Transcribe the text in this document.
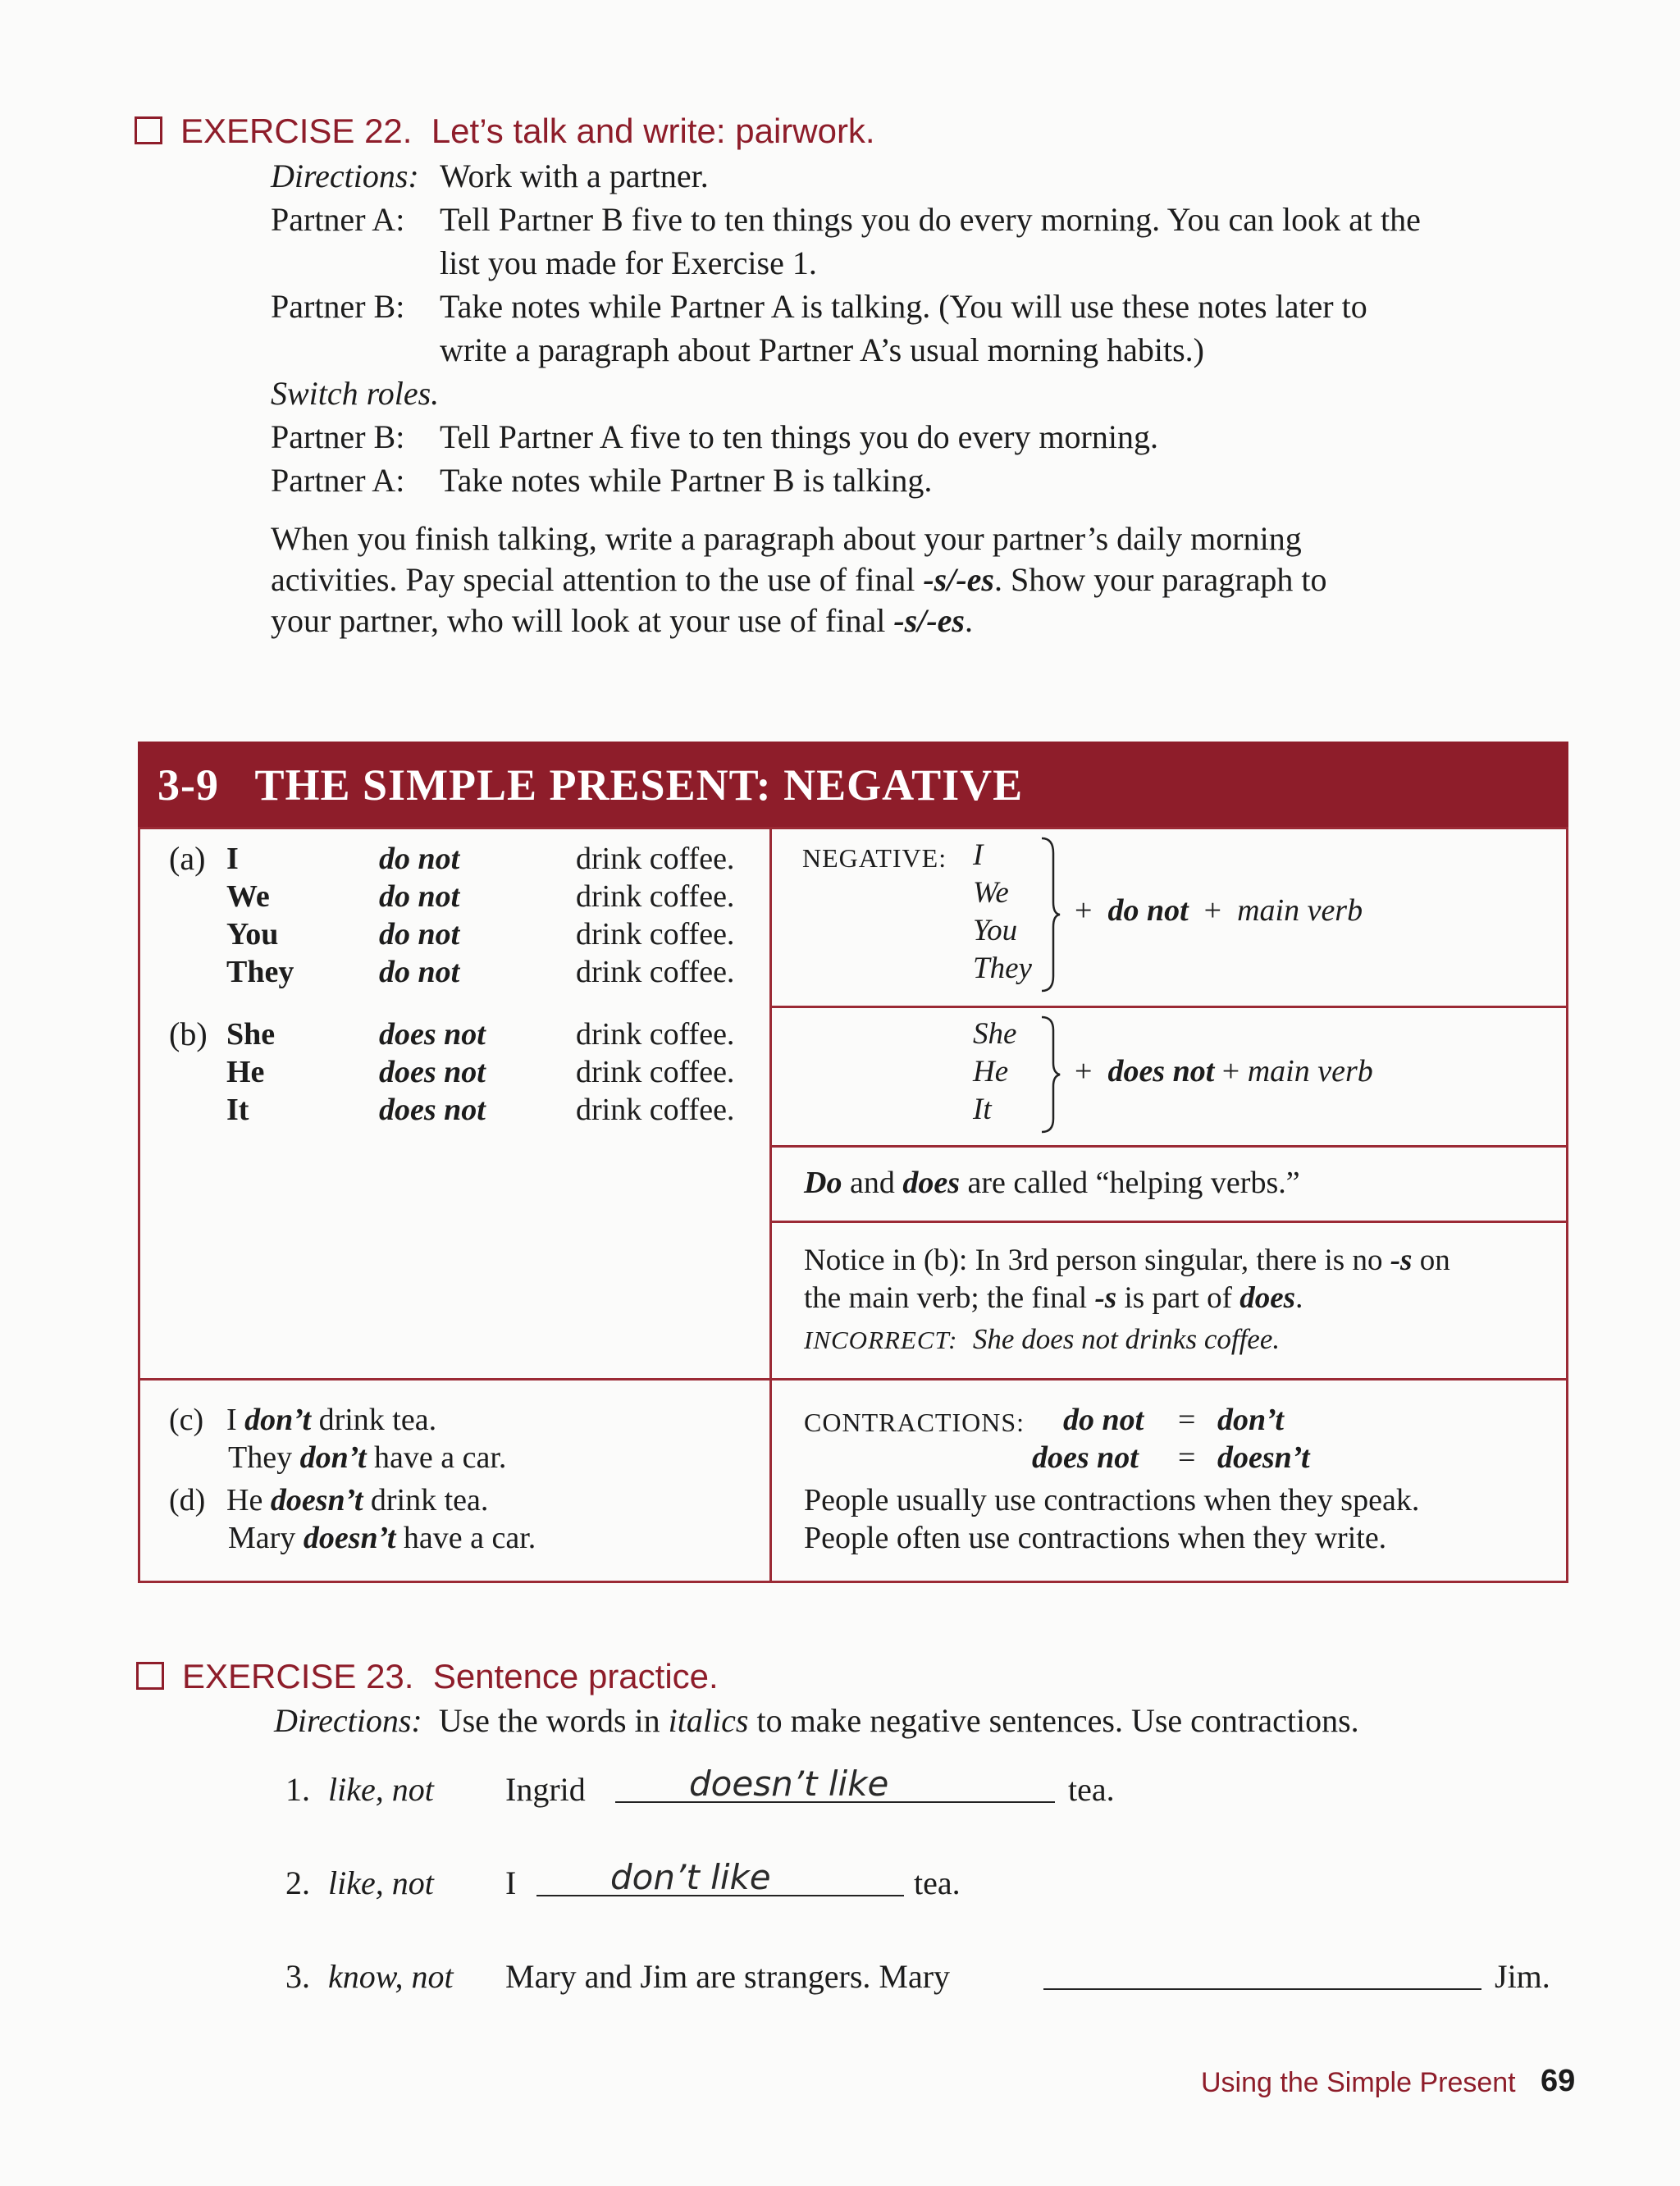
EXERCISE 22. Let’s talk and write: pairwork.
Directions: Work with a partner.
Partner A: Tell Partner B five to ten things you do every morning. You can look at the
list you made for Exercise 1.
Partner B: Take notes while Partner A is talking. (You will use these notes later to
write a paragraph about Partner A’s usual morning habits.)
Switch roles.
Partner B: Tell Partner A five to ten things you do every morning.
Partner A: Take notes while Partner B is talking.
When you finish talking, write a paragraph about your partner’s daily morning
activities. Pay special attention to the use of final -s/-es. Show your paragraph to
your partner, who will look at your use of final -s/-es.
3-9 THE SIMPLE PRESENT: NEGATIVE
(a) I	do not	drink coffee.
We	do not	drink coffee.
You	do not	drink coffee.
They	do not	drink coffee.
(b) She	does not	drink coffee.
He	does not	drink coffee.
It	does not	drink coffee.
NEGATIVE: I
We
You
They
+ do not + main verb
She
He
It
+ does not + main verb
Do and does are called “helping verbs.”
Notice in (b): In 3rd person singular, there is no -s on
the main verb; the final -s is part of does.
INCORRECT: She does not drinks coffee.
(c) I don’t drink tea.
They don’t have a car.
(d) He doesn’t drink tea.
Mary doesn’t have a car.
CONTRACTIONS: do not = don’t
does not = doesn’t
People usually use contractions when they speak.
People often use contractions when they write.
EXERCISE 23. Sentence practice.
Directions: Use the words in italics to make negative sentences. Use contractions.
1. like, not Ingrid	doesn’t like	tea.
2. like, not I	don’t like	tea.
3. know, not Mary and Jim are strangers. Mary	Jim.
Using the Simple Present 69
